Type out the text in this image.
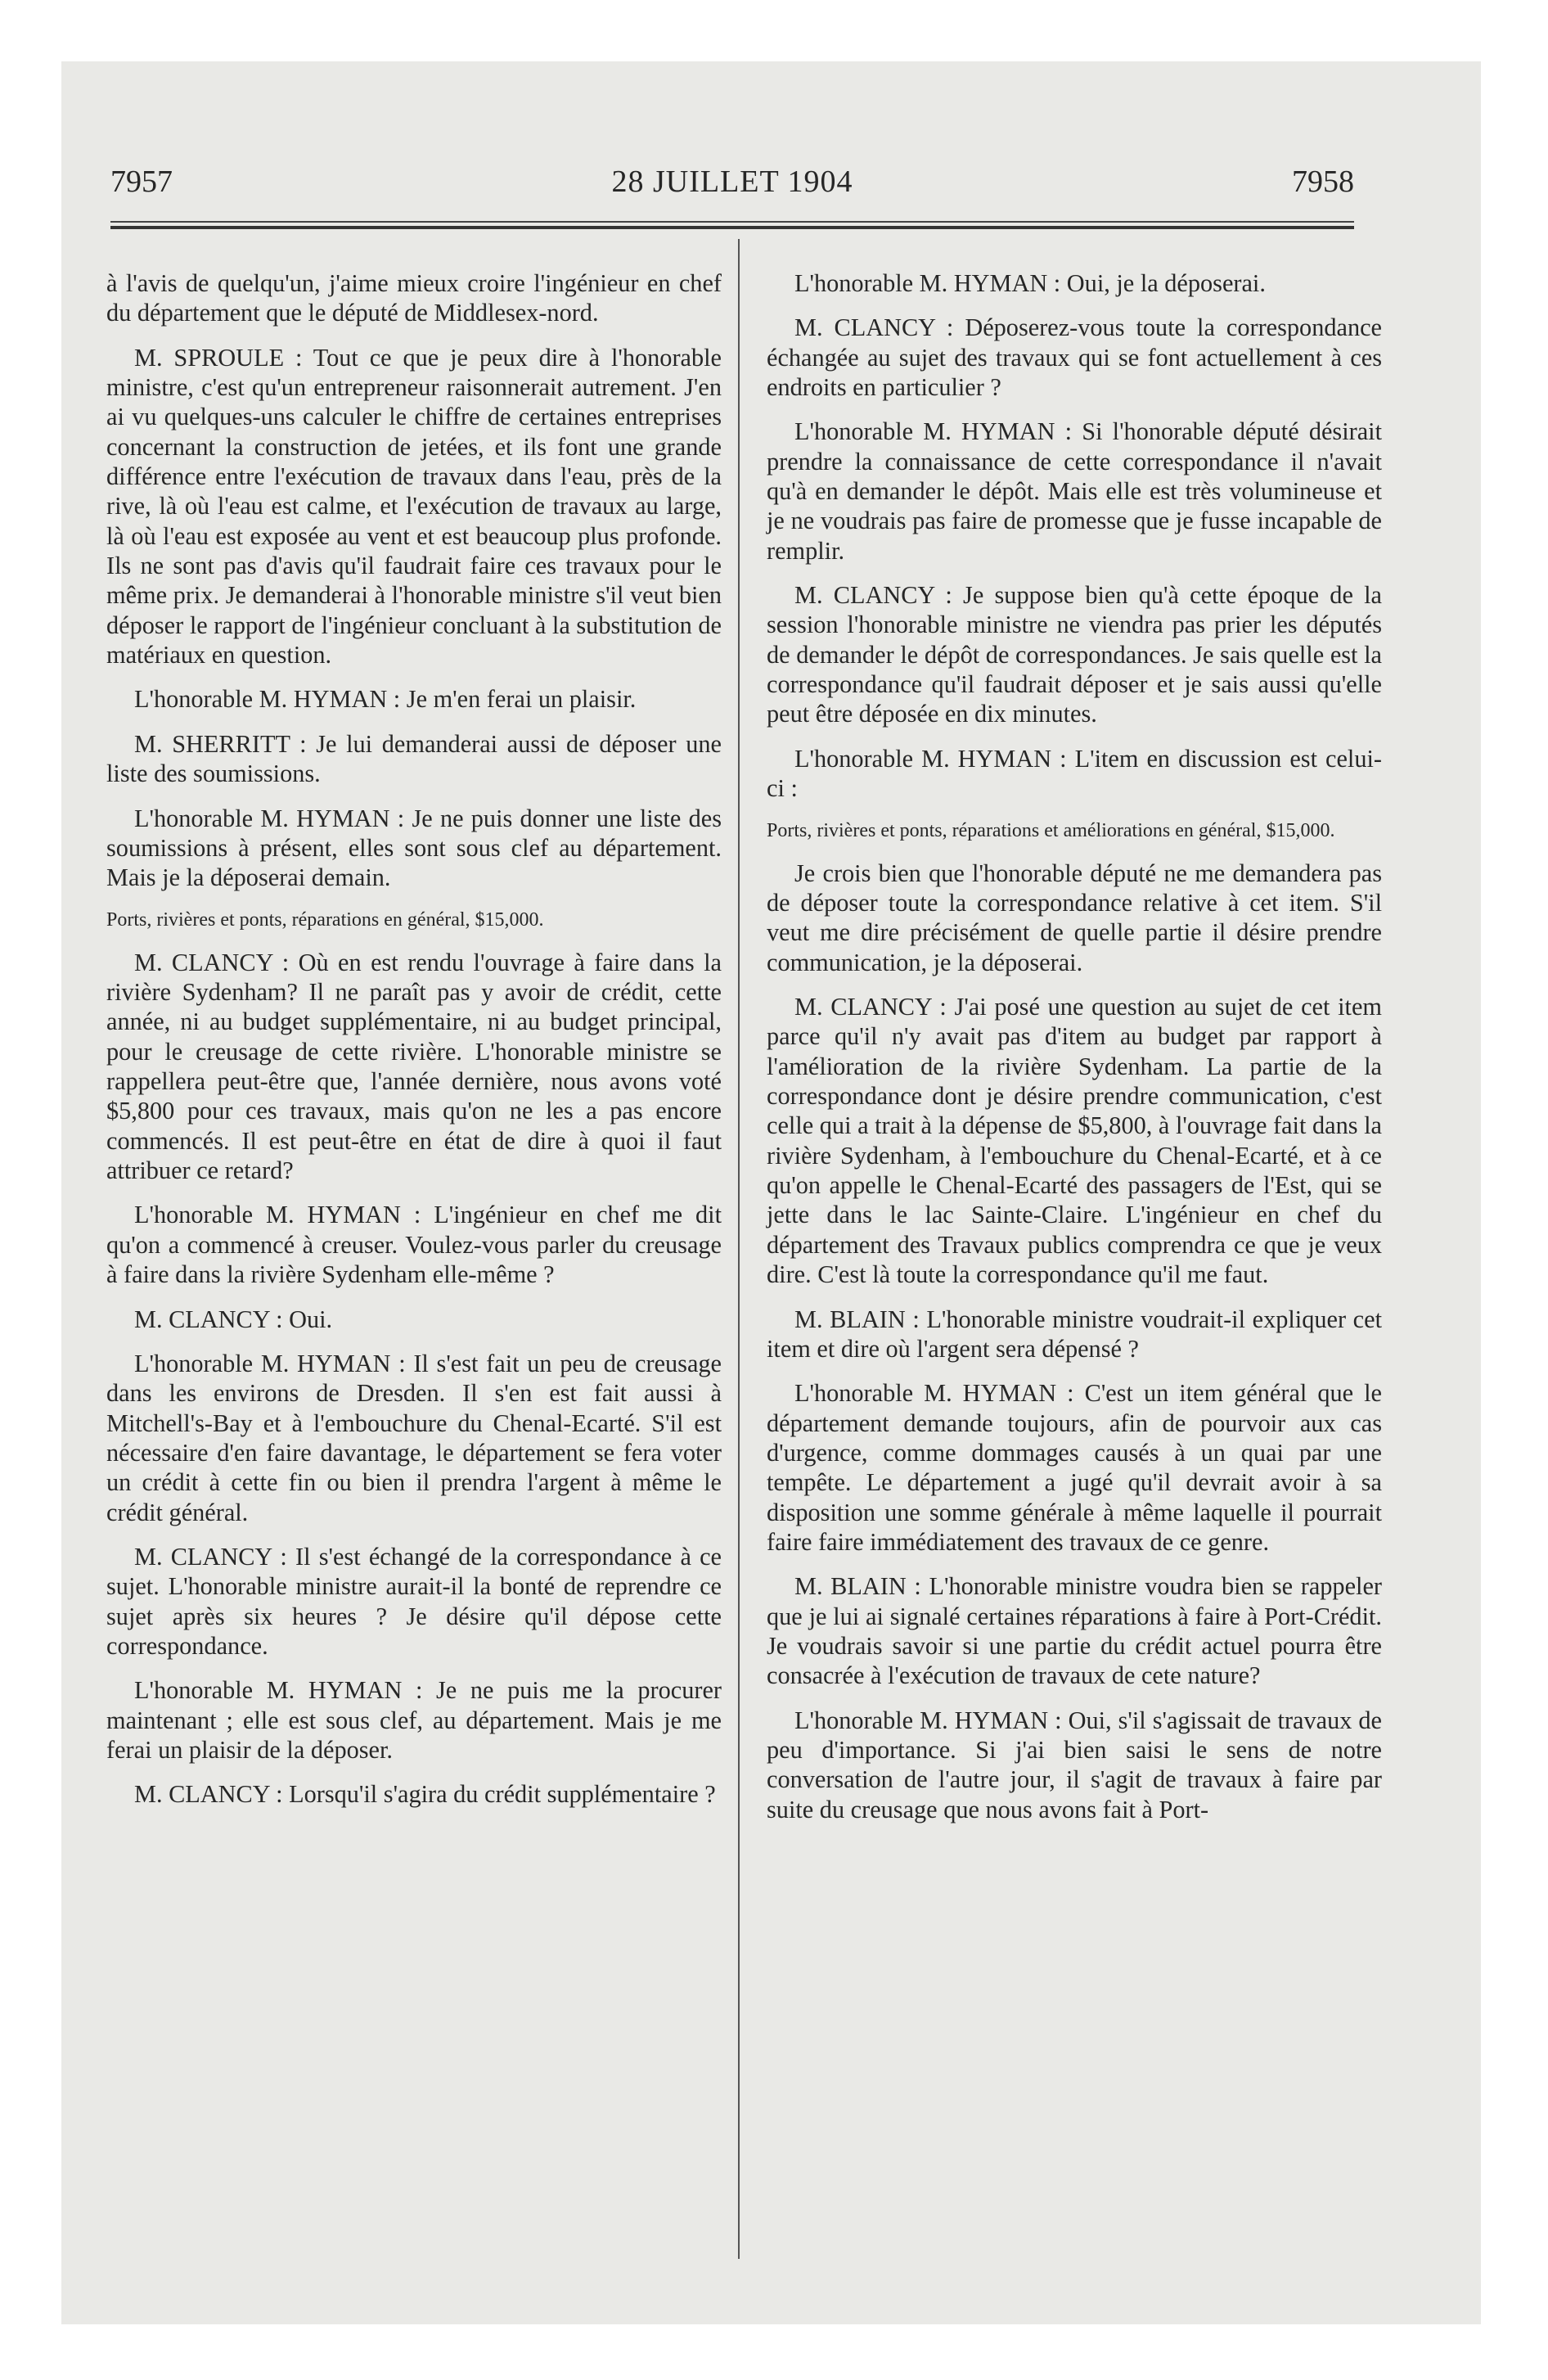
7957	28 JUILLET 1904	7958

à l'avis de quelqu'un, j'aime mieux croire l'ingénieur en chef du département que le député de Middlesex-nord.

M. SPROULE : Tout ce que je peux dire à l'honorable ministre, c'est qu'un entrepreneur raisonnerait autrement. J'en ai vu quelques-uns calculer le chiffre de certaines entreprises concernant la construction de jetées, et ils font une grande différence entre l'exécution de travaux dans l'eau, près de la rive, là où l'eau est calme, et l'exécution de travaux au large, là où l'eau est exposée au vent et est beaucoup plus profonde. Ils ne sont pas d'avis qu'il faudrait faire ces travaux pour le même prix. Je demanderai à l'honorable ministre s'il veut bien déposer le rapport de l'ingénieur concluant à la substitution de matériaux en question.

L'honorable M. HYMAN : Je m'en ferai un plaisir.

M. SHERRITT : Je lui demanderai aussi de déposer une liste des soumissions.

L'honorable M. HYMAN : Je ne puis donner une liste des soumissions à présent, elles sont sous clef au département. Mais je la déposerai demain.

Ports, rivières et ponts, réparations en général, $15,000.

M. CLANCY : Où en est rendu l'ouvrage à faire dans la rivière Sydenham? Il ne paraît pas y avoir de crédit, cette année, ni au budget supplémentaire, ni au budget principal, pour le creusage de cette rivière. L'honorable ministre se rappellera peut-être que, l'année dernière, nous avons voté $5,800 pour ces travaux, mais qu'on ne les a pas encore commencés. Il est peut-être en état de dire à quoi il faut attribuer ce retard?

L'honorable M. HYMAN : L'ingénieur en chef me dit qu'on a commencé à creuser. Voulez-vous parler du creusage à faire dans la rivière Sydenham elle-même ?

M. CLANCY : Oui.

L'honorable M. HYMAN : Il s'est fait un peu de creusage dans les environs de Dresden. Il s'en est fait aussi à Mitchell's-Bay et à l'embouchure du Chenal-Ecarté. S'il est nécessaire d'en faire davantage, le département se fera voter un crédit à cette fin ou bien il prendra l'argent à même le crédit général.

M. CLANCY : Il s'est échangé de la correspondance à ce sujet. L'honorable ministre aurait-il la bonté de reprendre ce sujet après six heures ? Je désire qu'il dépose cette correspondance.

L'honorable M. HYMAN : Je ne puis me la procurer maintenant ; elle est sous clef, au département. Mais je me ferai un plaisir de la déposer.

M. CLANCY : Lorsqu'il s'agira du crédit supplémentaire ?

L'honorable M. HYMAN : Oui, je la déposerai.

M. CLANCY : Déposerez-vous toute la correspondance échangée au sujet des travaux qui se font actuellement à ces endroits en particulier ?

L'honorable M. HYMAN : Si l'honorable député désirait prendre la connaissance de cette correspondance il n'avait qu'à en demander le dépôt. Mais elle est très volumineuse et je ne voudrais pas faire de promesse que je fusse incapable de remplir.

M. CLANCY : Je suppose bien qu'à cette époque de la session l'honorable ministre ne viendra pas prier les députés de demander le dépôt de correspondances. Je sais quelle est la correspondance qu'il faudrait déposer et je sais aussi qu'elle peut être déposée en dix minutes.

L'honorable M. HYMAN : L'item en discussion est celui-ci :

Ports, rivières et ponts, réparations et améliorations en général, $15,000.

Je crois bien que l'honorable député ne me demandera pas de déposer toute la correspondance relative à cet item. S'il veut me dire précisément de quelle partie il désire prendre communication, je la déposerai.

M. CLANCY : J'ai posé une question au sujet de cet item parce qu'il n'y avait pas d'item au budget par rapport à l'amélioration de la rivière Sydenham. La partie de la correspondance dont je désire prendre communication, c'est celle qui a trait à la dépense de $5,800, à l'ouvrage fait dans la rivière Sydenham, à l'embouchure du Chenal-Ecarté, et à ce qu'on appelle le Chenal-Ecarté des passagers de l'Est, qui se jette dans le lac Sainte-Claire. L'ingénieur en chef du département des Travaux publics comprendra ce que je veux dire. C'est là toute la correspondance qu'il me faut.

M. BLAIN : L'honorable ministre voudrait-il expliquer cet item et dire où l'argent sera dépensé ?

L'honorable M. HYMAN : C'est un item général que le département demande toujours, afin de pourvoir aux cas d'urgence, comme dommages causés à un quai par une tempête. Le département a jugé qu'il devrait avoir à sa disposition une somme générale à même laquelle il pourrait faire faire immédiatement des travaux de ce genre.

M. BLAIN : L'honorable ministre voudra bien se rappeler que je lui ai signalé certaines réparations à faire à Port-Crédit. Je voudrais savoir si une partie du crédit actuel pourra être consacrée à l'exécution de travaux de cete nature?

L'honorable M. HYMAN : Oui, s'il s'agissait de travaux de peu d'importance. Si j'ai bien saisi le sens de notre conversation de l'autre jour, il s'agit de travaux à faire par suite du creusage que nous avons fait à Port-
